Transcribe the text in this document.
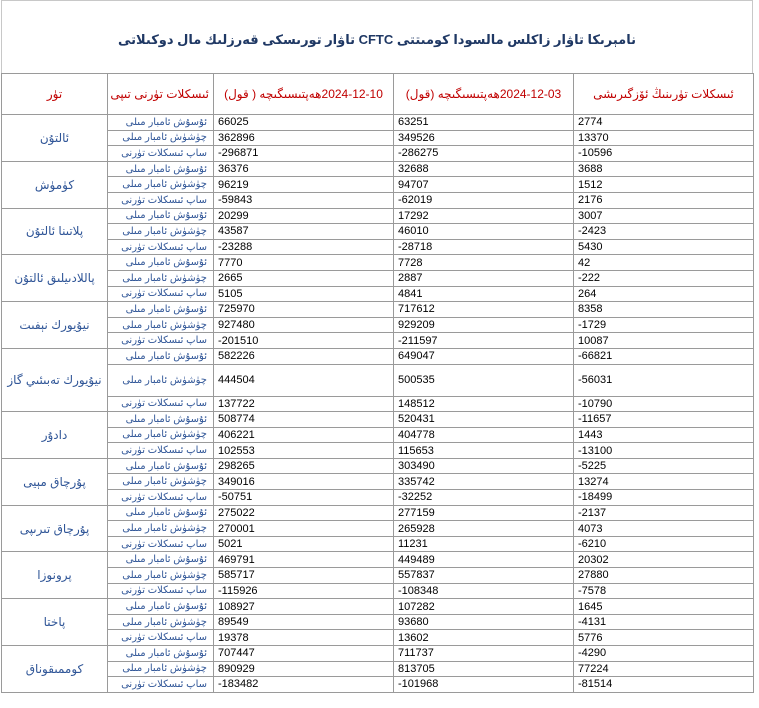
نامېرىكا تاۋار زاكلس مال‏سودا كومىتتى CFTC تاۋار تورىسكى قەرزلىك مال دوكىلاتى
تۈر	ئىسكلات تۈرنى تىپى	2024-12-10ھەپتىسىگىچە ( قول)	2024-12-03ھەپتىسىگىچە (قول)	ئىسكلات تۈرىنىڭ ئۆزگىرىشى
ئالتۇن	ئۇسۇش ئامبار مىلى	66025	63251	2774
	چۈشۈش ئامبار مىلى	362896	349526	13370
	ساپ ئىسكلات تۈرنى	-296871	-286275	-10596
كۈمۈش	ئۇسۇش ئامبار مىلى	36376	32688	3688
	چۈشۈش ئامبار مىلى	96219	94707	1512
	ساپ ئىسكلات تۈرنى	-59843	-62019	2176
پلاتىنا ئالتۇن	ئۇسۇش ئامبار مىلى	20299	17292	3007
	چۈشۈش ئامبار مىلى	43587	46010	-2423
	ساپ ئىسكلات تۈرنى	-23288	-28718	5430
پاللادىيلىق ئالتۇن	ئۇسۇش ئامبار مىلى	7770	7728	42
	چۈشۈش ئامبار مىلى	2665	2887	-222
	ساپ ئىسكلات تۈرنى	5105	4841	264
نيۇيورك نېفىت	ئۇسۇش ئامبار مىلى	725970	717612	8358
	چۈشۈش ئامبار مىلى	927480	929209	-1729
	ساپ ئىسكلات تۈرنى	-201510	-211597	10087
نيۇيورك تەبىئىي گاز	ئۇسۇش ئامبار مىلى	582226	649047	-66821
	چۈشۈش ئامبار مىلى	444504	500535	-56031
	ساپ ئىسكلات تۈرنى	137722	148512	-10790
دادۇر	ئۇسۇش ئامبار مىلى	508774	520431	-11657
	چۈشۈش ئامبار مىلى	406221	404778	1443
	ساپ ئىسكلات تۈرنى	102553	115653	-13100
پۇرچاق مېيى	ئۇسۇش ئامبار مىلى	298265	303490	-5225
	چۈشۈش ئامبار مىلى	349016	335742	13274
	ساپ ئىسكلات تۈرنى	-50751	-32252	-18499
پۇرچاق تىرىپى	ئۇسۇش ئامبار مىلى	275022	277159	-2137
	چۈشۈش ئامبار مىلى	270001	265928	4073
	ساپ ئىسكلات تۈرنى	5021	11231	-6210
پرونوزا	ئۇسۇش ئامبار مىلى	469791	449489	20302
	چۈشۈش ئامبار مىلى	585717	557837	27880
	ساپ ئىسكلات تۈرنى	-115926	-108348	-7578
پاختا	ئۇسۇش ئامبار مىلى	108927	107282	1645
	چۈشۈش ئامبار مىلى	89549	93680	-4131
	ساپ ئىسكلات تۈرنى	19378	13602	5776
كوممىقوناق	ئۇسۇش ئامبار مىلى	707447	711737	-4290
	چۈشۈش ئامبار مىلى	890929	813705	77224
	ساپ ئىسكلات تۈرنى	-183482	-101968	-81514
